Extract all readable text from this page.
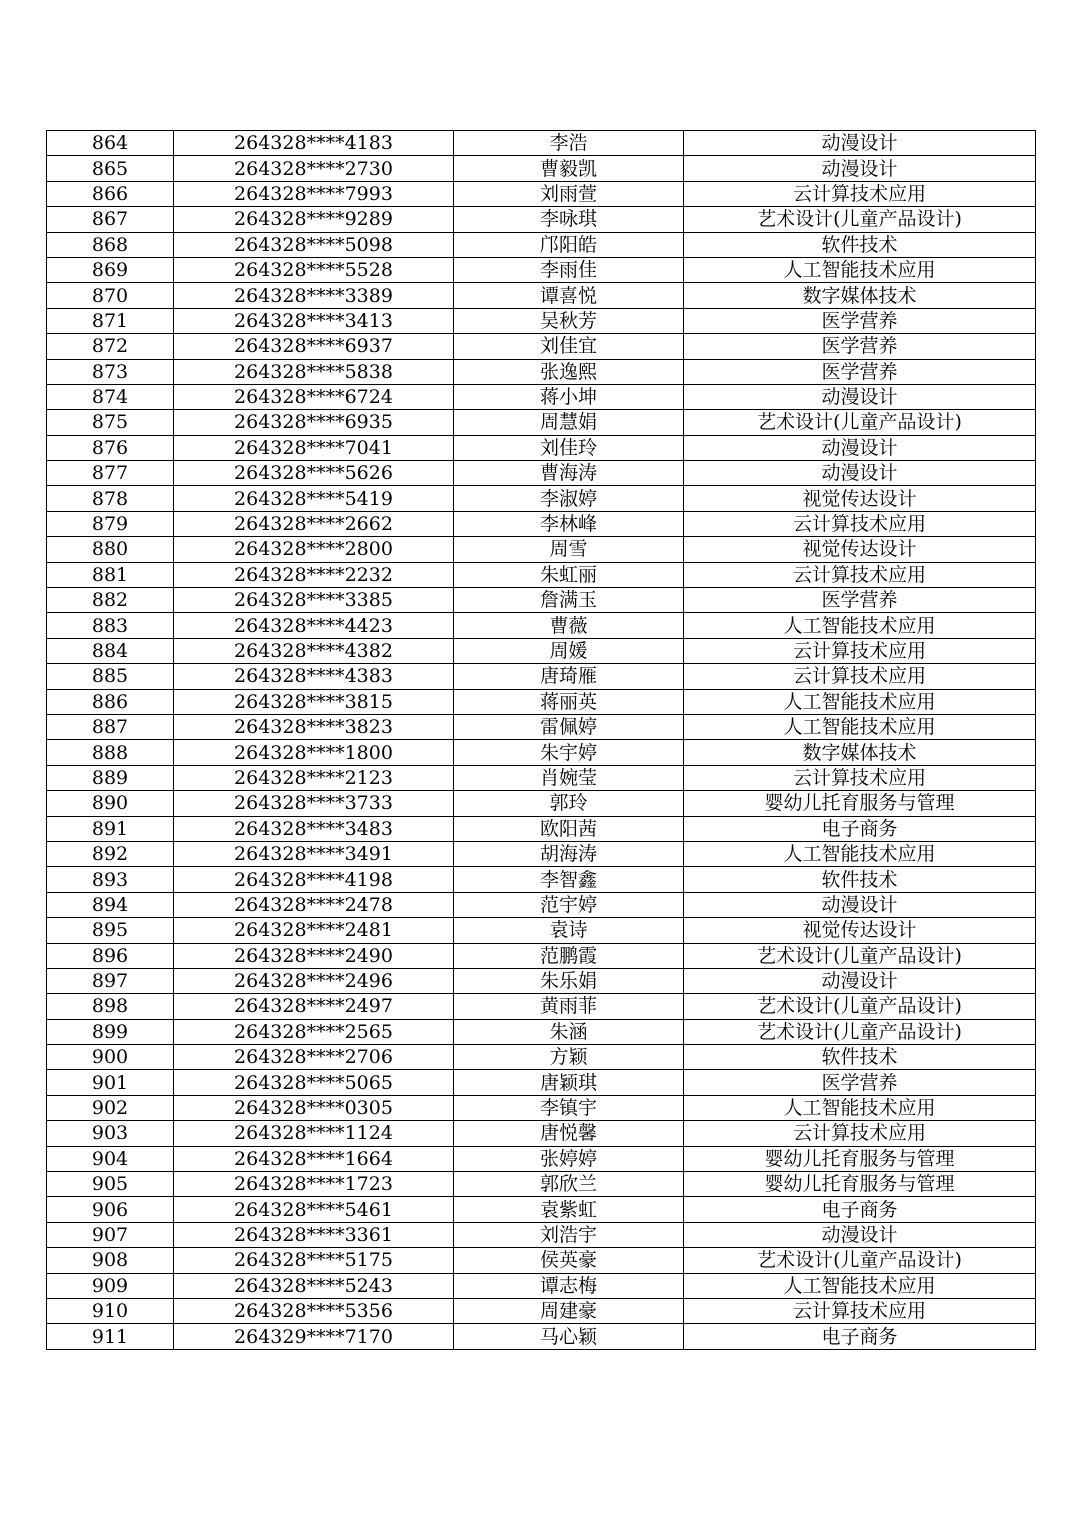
864	264328****4183	李浩	动漫设计
865	264328****2730	曹毅凯	动漫设计
866	264328****7993	刘雨萱	云计算技术应用
867	264328****9289	李咏琪	艺术设计(儿童产品设计)
868	264328****5098	邝阳皓	软件技术
869	264328****5528	李雨佳	人工智能技术应用
870	264328****3389	谭喜悦	数字媒体技术
871	264328****3413	吴秋芳	医学营养
872	264328****6937	刘佳宜	医学营养
873	264328****5838	张逸熙	医学营养
874	264328****6724	蒋小坤	动漫设计
875	264328****6935	周慧娟	艺术设计(儿童产品设计)
876	264328****7041	刘佳玲	动漫设计
877	264328****5626	曹海涛	动漫设计
878	264328****5419	李淑婷	视觉传达设计
879	264328****2662	李林峰	云计算技术应用
880	264328****2800	周雪	视觉传达设计
881	264328****2232	朱虹丽	云计算技术应用
882	264328****3385	詹满玉	医学营养
883	264328****4423	曹薇	人工智能技术应用
884	264328****4382	周媛	云计算技术应用
885	264328****4383	唐琦雁	云计算技术应用
886	264328****3815	蒋丽英	人工智能技术应用
887	264328****3823	雷佩婷	人工智能技术应用
888	264328****1800	朱宇婷	数字媒体技术
889	264328****2123	肖婉莹	云计算技术应用
890	264328****3733	郭玲	婴幼儿托育服务与管理
891	264328****3483	欧阳茜	电子商务
892	264328****3491	胡海涛	人工智能技术应用
893	264328****4198	李智鑫	软件技术
894	264328****2478	范宇婷	动漫设计
895	264328****2481	袁诗	视觉传达设计
896	264328****2490	范鹏霞	艺术设计(儿童产品设计)
897	264328****2496	朱乐娟	动漫设计
898	264328****2497	黄雨菲	艺术设计(儿童产品设计)
899	264328****2565	朱涵	艺术设计(儿童产品设计)
900	264328****2706	方颖	软件技术
901	264328****5065	唐颖琪	医学营养
902	264328****0305	李镇宇	人工智能技术应用
903	264328****1124	唐悦馨	云计算技术应用
904	264328****1664	张婷婷	婴幼儿托育服务与管理
905	264328****1723	郭欣兰	婴幼儿托育服务与管理
906	264328****5461	袁紫虹	电子商务
907	264328****3361	刘浩宇	动漫设计
908	264328****5175	侯英豪	艺术设计(儿童产品设计)
909	264328****5243	谭志梅	人工智能技术应用
910	264328****5356	周建豪	云计算技术应用
911	264329****7170	马心颖	电子商务
